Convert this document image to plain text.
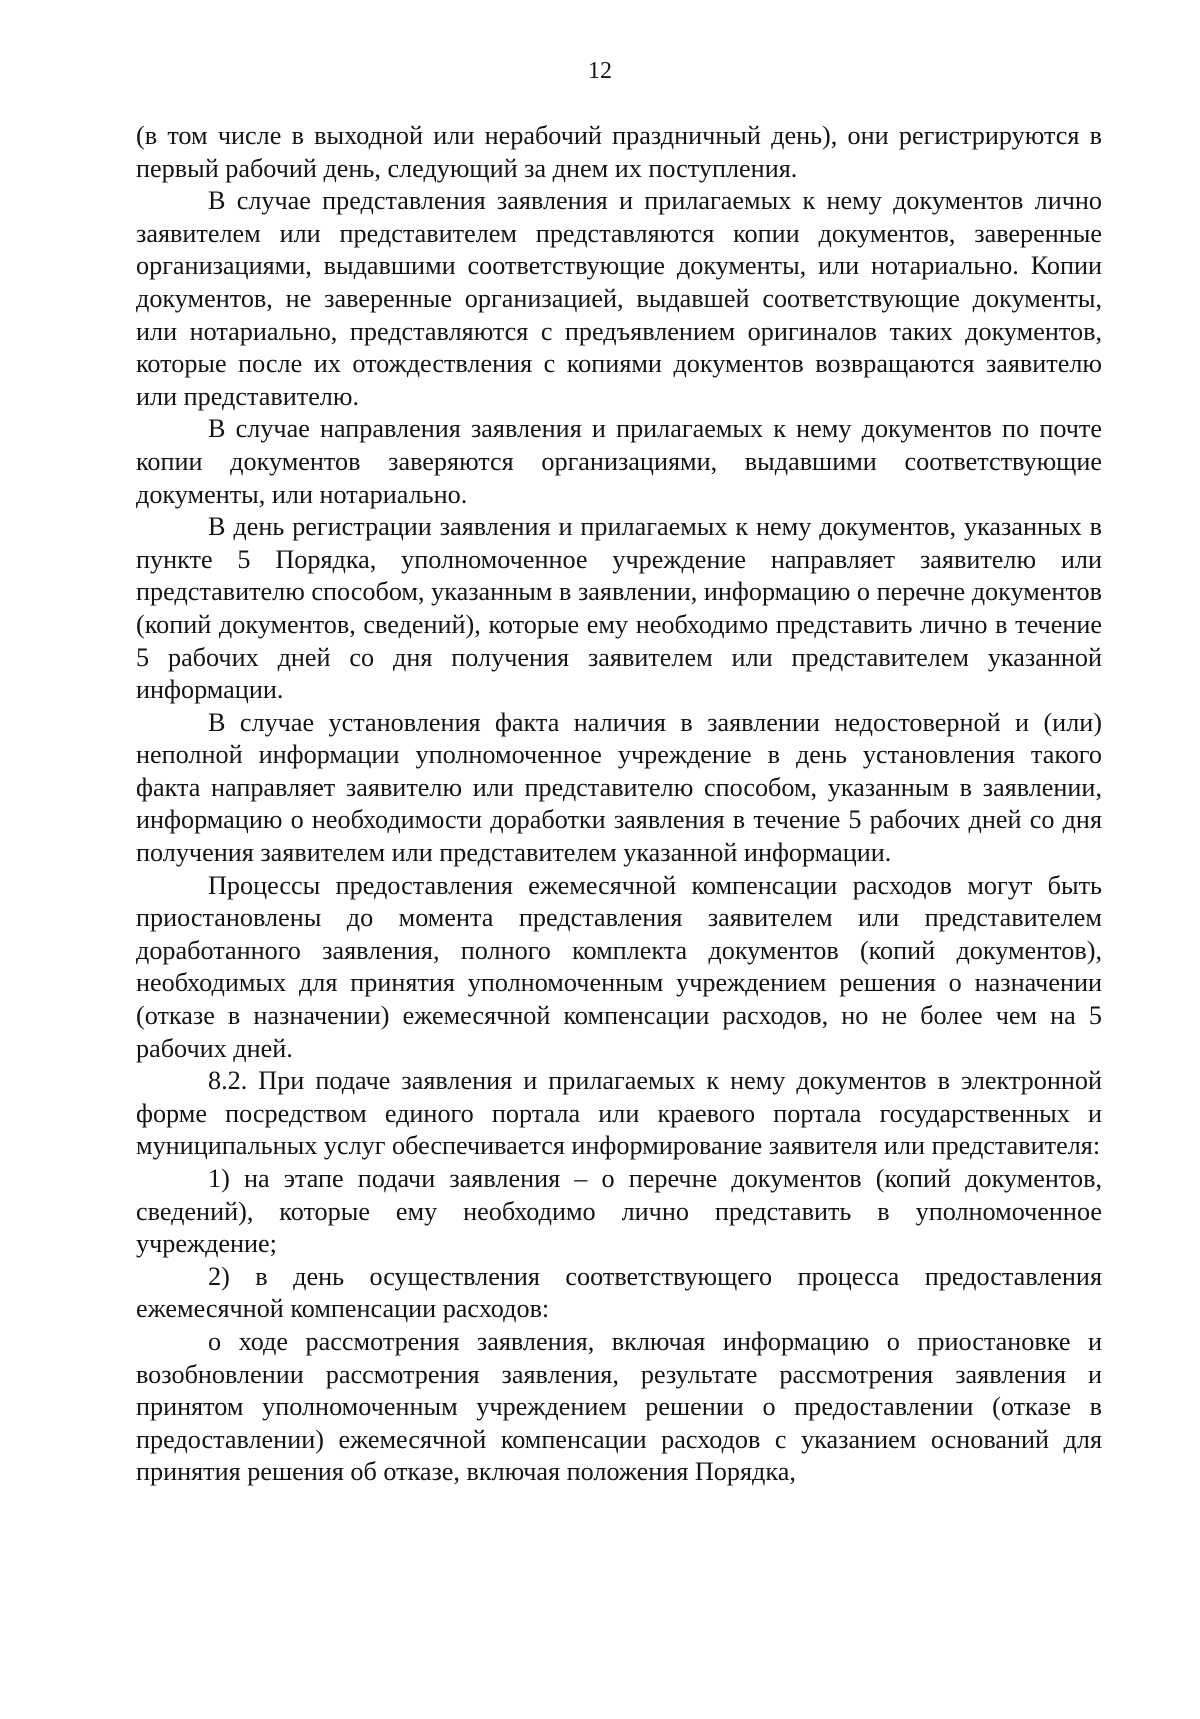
12

(в том числе в выходной или нерабочий праздничный день), они регистрируются в первый рабочий день, следующий за днем их поступления.

В случае представления заявления и прилагаемых к нему документов лично заявителем или представителем представляются копии документов, заверенные организациями, выдавшими соответствующие документы, или нотариально. Копии документов, не заверенные организацией, выдавшей соответствующие документы, или нотариально, представляются с предъявлением оригиналов таких документов, которые после их отождествления с копиями документов возвращаются заявителю или представителю.

В случае направления заявления и прилагаемых к нему документов по почте копии документов заверяются организациями, выдавшими соответствующие документы, или нотариально.

В день регистрации заявления и прилагаемых к нему документов, указанных в пункте 5 Порядка, уполномоченное учреждение направляет заявителю или представителю способом, указанным в заявлении, информацию о перечне документов (копий документов, сведений), которые ему необходимо представить лично в течение 5 рабочих дней со дня получения заявителем или представителем указанной информации.

В случае установления факта наличия в заявлении недостоверной и (или) неполной информации уполномоченное учреждение в день установления такого факта направляет заявителю или представителю способом, указанным в заявлении, информацию о необходимости доработки заявления в течение 5 рабочих дней со дня получения заявителем или представителем указанной информации.

Процессы предоставления ежемесячной компенсации расходов могут быть приостановлены до момента представления заявителем или представителем доработанного заявления, полного комплекта документов (копий документов), необходимых для принятия уполномоченным учреждением решения о назначении (отказе в назначении) ежемесячной компенсации расходов, но не более чем на 5 рабочих дней.

8.2. При подаче заявления и прилагаемых к нему документов в электронной форме посредством единого портала или краевого портала государственных и муниципальных услуг обеспечивается информирование заявителя или представителя:

1) на этапе подачи заявления – о перечне документов (копий документов, сведений), которые ему необходимо лично представить в уполномоченное учреждение;

2) в день осуществления соответствующего процесса предоставления ежемесячной компенсации расходов:

о ходе рассмотрения заявления, включая информацию о приостановке и возобновлении рассмотрения заявления, результате рассмотрения заявления и принятом уполномоченным учреждением решении о предоставлении (отказе в предоставлении) ежемесячной компенсации расходов с указанием оснований для принятия решения об отказе, включая положения Порядка,
